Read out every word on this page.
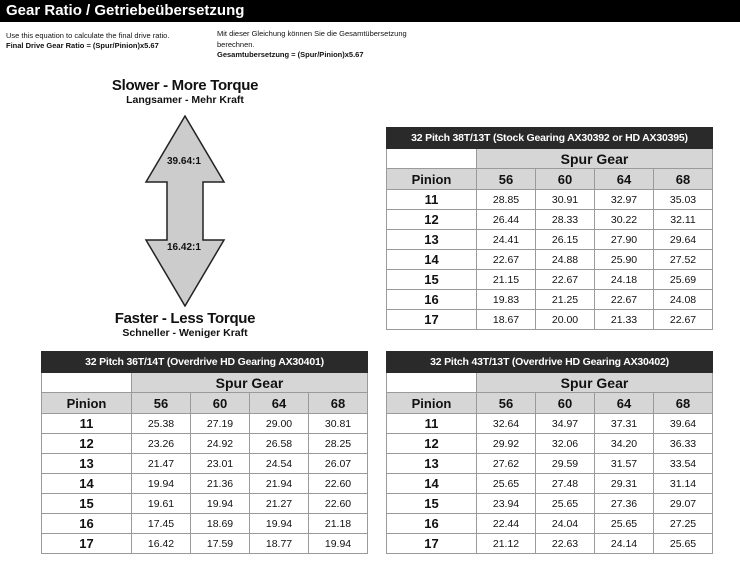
Gear Ratio / Getriebeübersetzung
Use this equation to calculate the final drive ratio.
Final Drive Gear Ratio = (Spur/Pinion)x5.67
Mit dieser Gleichung können Sie die Gesamtübersetzung
berechnen.
Gesamtubersetzung = (Spur/Pinion)x5.67
Slower - More Torque
Langsamer - Mehr Kraft
39.64:1
16.42:1
Faster - Less Torque
Schneller - Weniger Kraft
32 Pitch 38T/13T (Stock Gearing AX30392 or HD AX30395)				
	Spur Gear			
Pinion	56	60	64	68
11	28.85	30.91	32.97	35.03
12	26.44	28.33	30.22	32.11
13	24.41	26.15	27.90	29.64
14	22.67	24.88	25.90	27.52
15	21.15	22.67	24.18	25.69
16	19.83	21.25	22.67	24.08
17	18.67	20.00	21.33	22.67
32 Pitch 36T/14T (Overdrive HD Gearing AX30401)				
	Spur Gear			
Pinion	56	60	64	68
11	25.38	27.19	29.00	30.81
12	23.26	24.92	26.58	28.25
13	21.47	23.01	24.54	26.07
14	19.94	21.36	21.94	22.60
15	19.61	19.94	21.27	22.60
16	17.45	18.69	19.94	21.18
17	16.42	17.59	18.77	19.94
32 Pitch 43T/13T (Overdrive HD Gearing AX30402)				
	Spur Gear			
Pinion	56	60	64	68
11	32.64	34.97	37.31	39.64
12	29.92	32.06	34.20	36.33
13	27.62	29.59	31.57	33.54
14	25.65	27.48	29.31	31.14
15	23.94	25.65	27.36	29.07
16	22.44	24.04	25.65	27.25
17	21.12	22.63	24.14	25.65
